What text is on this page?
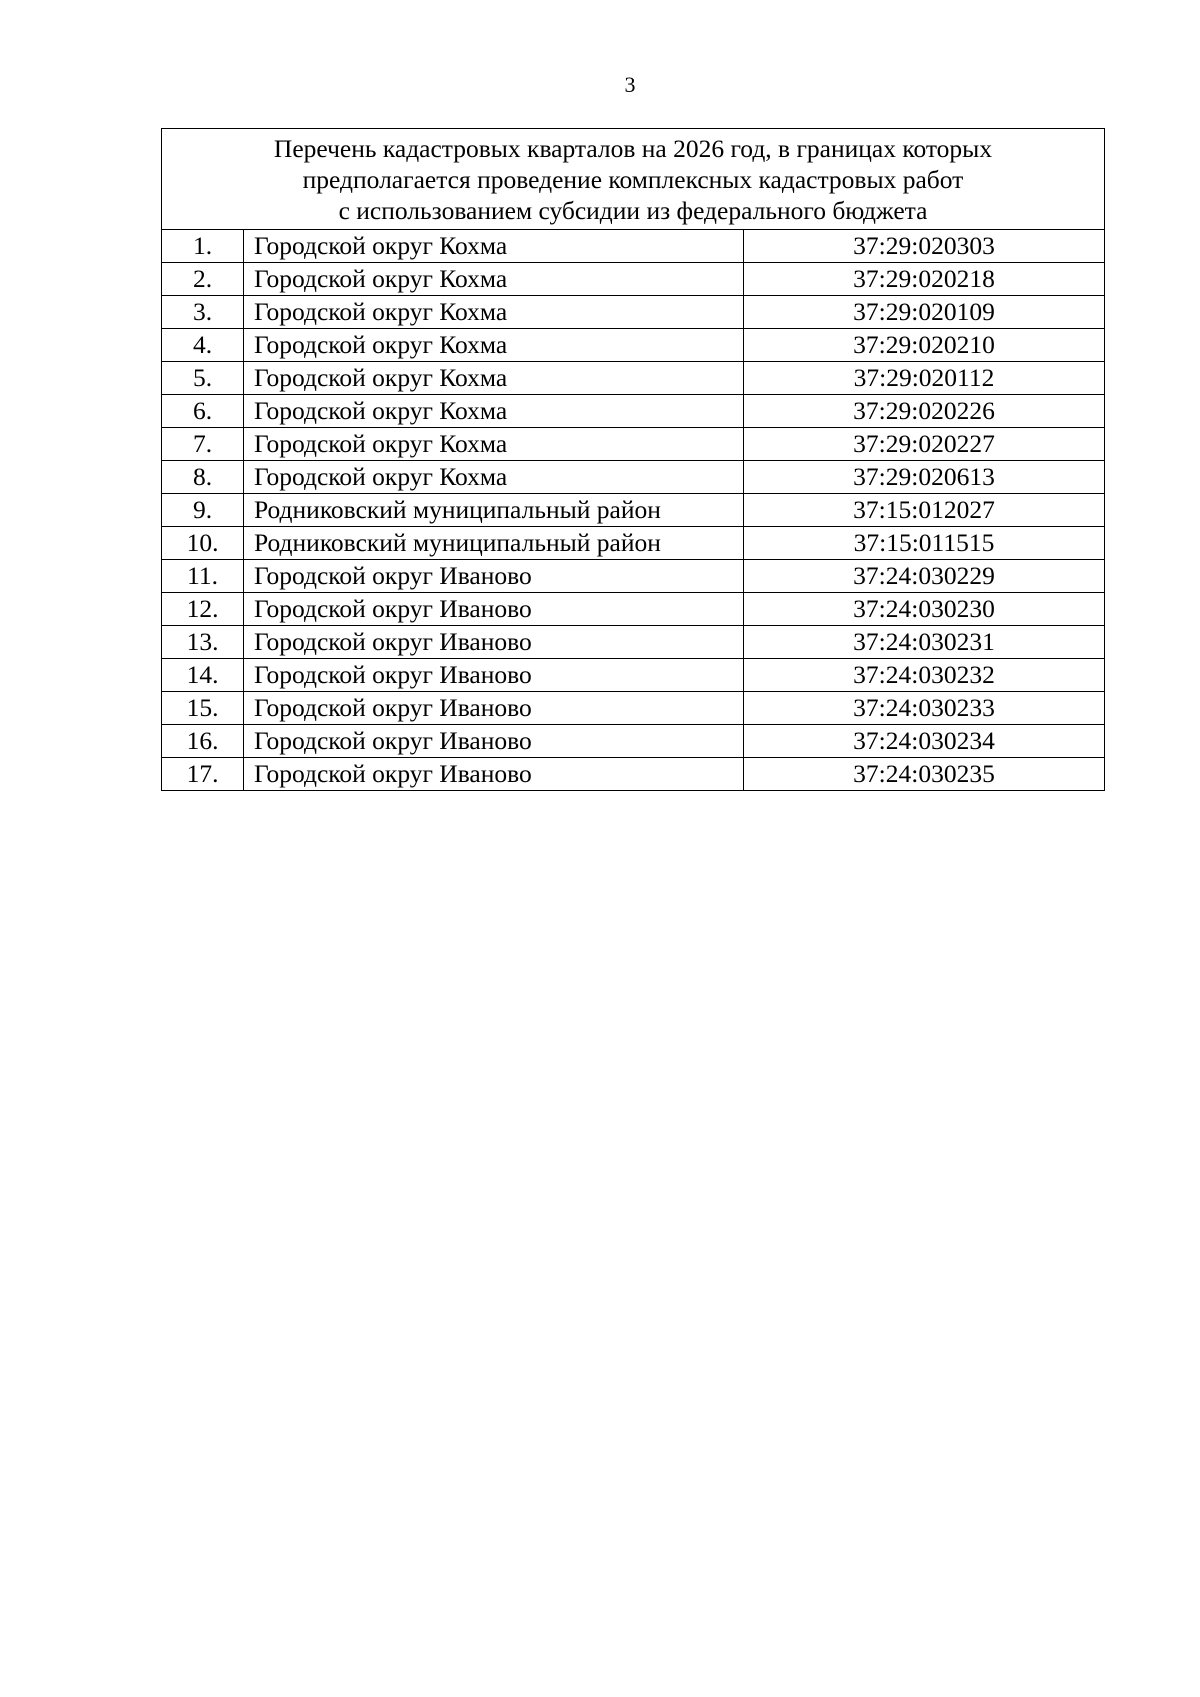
3
Перечень кадастровых кварталов на 2026 год, в границах которых
предполагается проведение комплексных кадастровых работ
с использованием субсидии из федерального бюджета		

1.	Городской округ Кохма	37:29:020303
2.	Городской округ Кохма	37:29:020218
3.	Городской округ Кохма	37:29:020109
4.	Городской округ Кохма	37:29:020210
5.	Городской округ Кохма	37:29:020112
6.	Городской округ Кохма	37:29:020226
7.	Городской округ Кохма	37:29:020227
8.	Городской округ Кохма	37:29:020613
9.	Родниковский муниципальный район	37:15:012027
10.	Родниковский муниципальный район	37:15:011515
11.	Городской округ Иваново	37:24:030229
12.	Городской округ Иваново	37:24:030230
13.	Городской округ Иваново	37:24:030231
14.	Городской округ Иваново	37:24:030232
15.	Городской округ Иваново	37:24:030233
16.	Городской округ Иваново	37:24:030234
17.	Городской округ Иваново	37:24:030235
